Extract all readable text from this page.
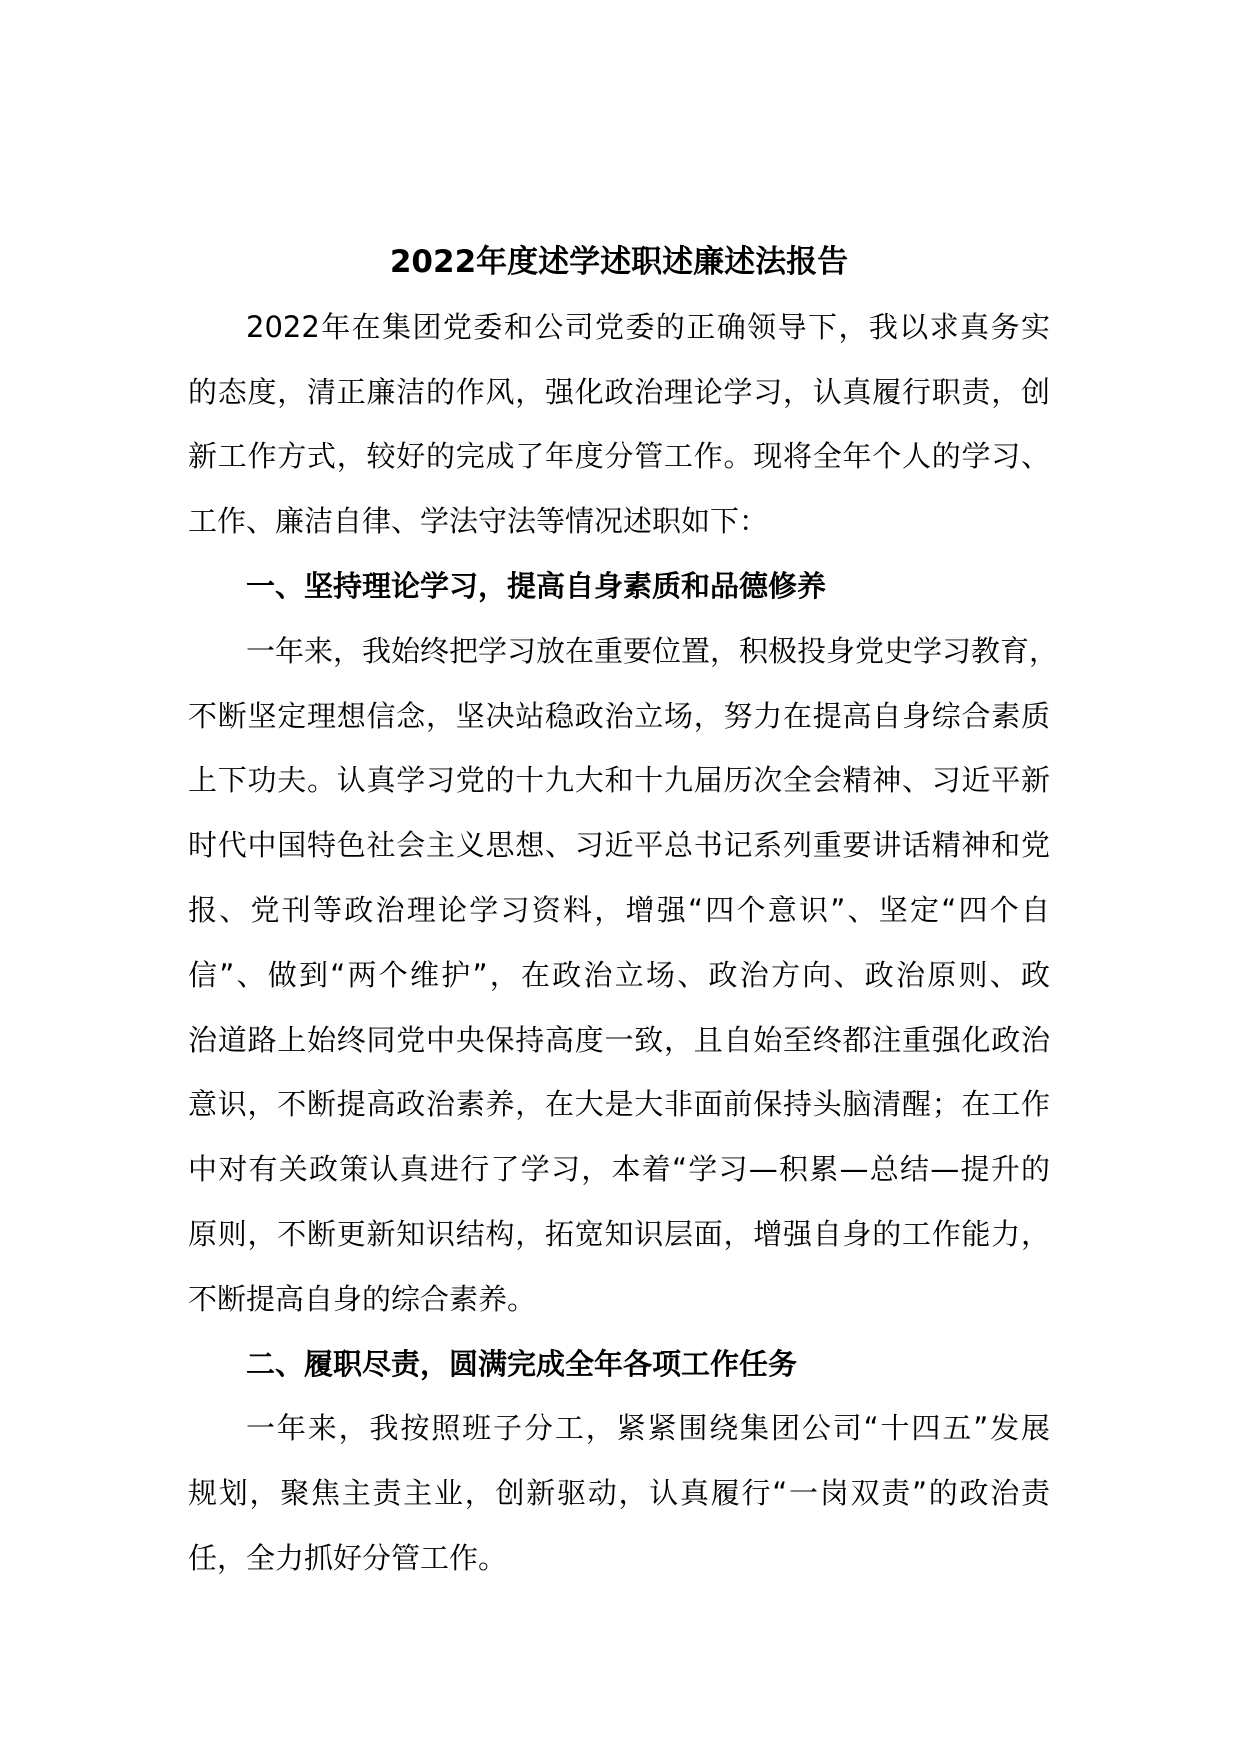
2022年度述学述职述廉述法报告
2022年在集团党委和公司党委的正确领导下，我以求真务实
的态度，清正廉洁的作风，强化政治理论学习，认真履行职责，创
新工作方式，较好的完成了年度分管工作。现将全年个人的学习、
工作、廉洁自律、学法守法等情况述职如下：
一、坚持理论学习，提高自身素质和品德修养
一年来，我始终把学习放在重要位置，积极投身党史学习教育，
不断坚定理想信念，坚决站稳政治立场，努力在提高自身综合素质
上下功夫。认真学习党的十九大和十九届历次全会精神、习近平新
时代中国特色社会主义思想、习近平总书记系列重要讲话精神和党
报、党刊等政治理论学习资料，增强“四个意识”、坚定“四个自
信”、做到“两个维护”，在政治立场、政治方向、政治原则、政
治道路上始终同党中央保持高度一致，且自始至终都注重强化政治
意识，不断提高政治素养，在大是大非面前保持头脑清醒；在工作
中对有关政策认真进行了学习，本着“学习—积累—总结—提升的
原则，不断更新知识结构，拓宽知识层面，增强自身的工作能力，
不断提高自身的综合素养。
二、履职尽责，圆满完成全年各项工作任务
一年来，我按照班子分工，紧紧围绕集团公司“十四五”发展
规划，聚焦主责主业，创新驱动，认真履行“一岗双责”的政治责
任，全力抓好分管工作。
